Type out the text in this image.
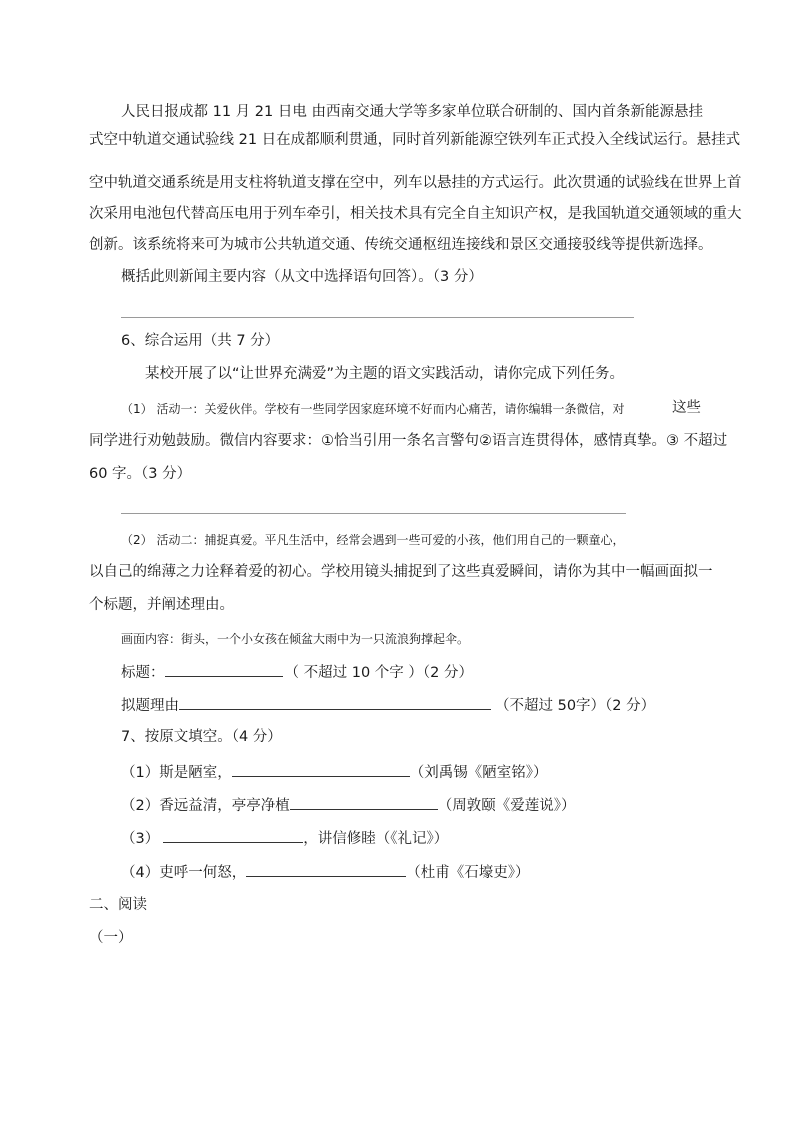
人民日报成都 11 月 21 日电 由西南交通大学等多家单位联合研制的、国内首条新能源悬挂
式空中轨道交通试验线 21 日在成都顺利贯通，同时首列新能源空铁列车正式投入全线试运行。悬挂式
空中轨道交通系统是用支柱将轨道支撑在空中，列车以悬挂的方式运行。此次贯通的试验线在世界上首
次采用电池包代替高压电用于列车牵引，相关技术具有完全自主知识产权，是我国轨道交通领域的重大
创新。该系统将来可为城市公共轨道交通、传统交通枢纽连接线和景区交通接驳线等提供新选择。
概括此则新闻主要内容（从文中选择语句回答）。（3 分）
6、综合运用（共 7 分）
某校开展了以“让世界充满爱”为主题的语文实践活动，请你完成下列任务。
（1） 活动一：关爱伙伴。学校有一些同学因家庭环境不好而内心痛苦，请你编辑一条微信，对	这些
同学进行劝勉鼓励。微信内容要求：①恰当引用一条名言警句②语言连贯得体，感情真挚。③ 不超过
60 字。（3 分）
（2） 活动二：捕捉真爱。平凡生活中，经常会遇到一些可爱的小孩，他们用自己的一颗童心，
以自己的绵薄之力诠释着爱的初心。学校用镜头捕捉到了这些真爱瞬间，请你为其中一幅画面拟一
个标题，并阐述理由。
画面内容：街头，一个小女孩在倾盆大雨中为一只流浪狗撑起伞。
标题：	（ 不超过 10 个字 ）（2 分）
拟题理由	（不超过 50字）（2 分）
7、按原文填空。（4 分）
（1）斯是陋室，	（刘禹锡《陋室铭》）
（2）香远益清，亭亭净植	（周敦颐《爱莲说》）
（3）	，讲信修睦（《礼记》）
（4）吏呼一何怒，	（杜甫《石壕吏》）
二、阅读
（一）
